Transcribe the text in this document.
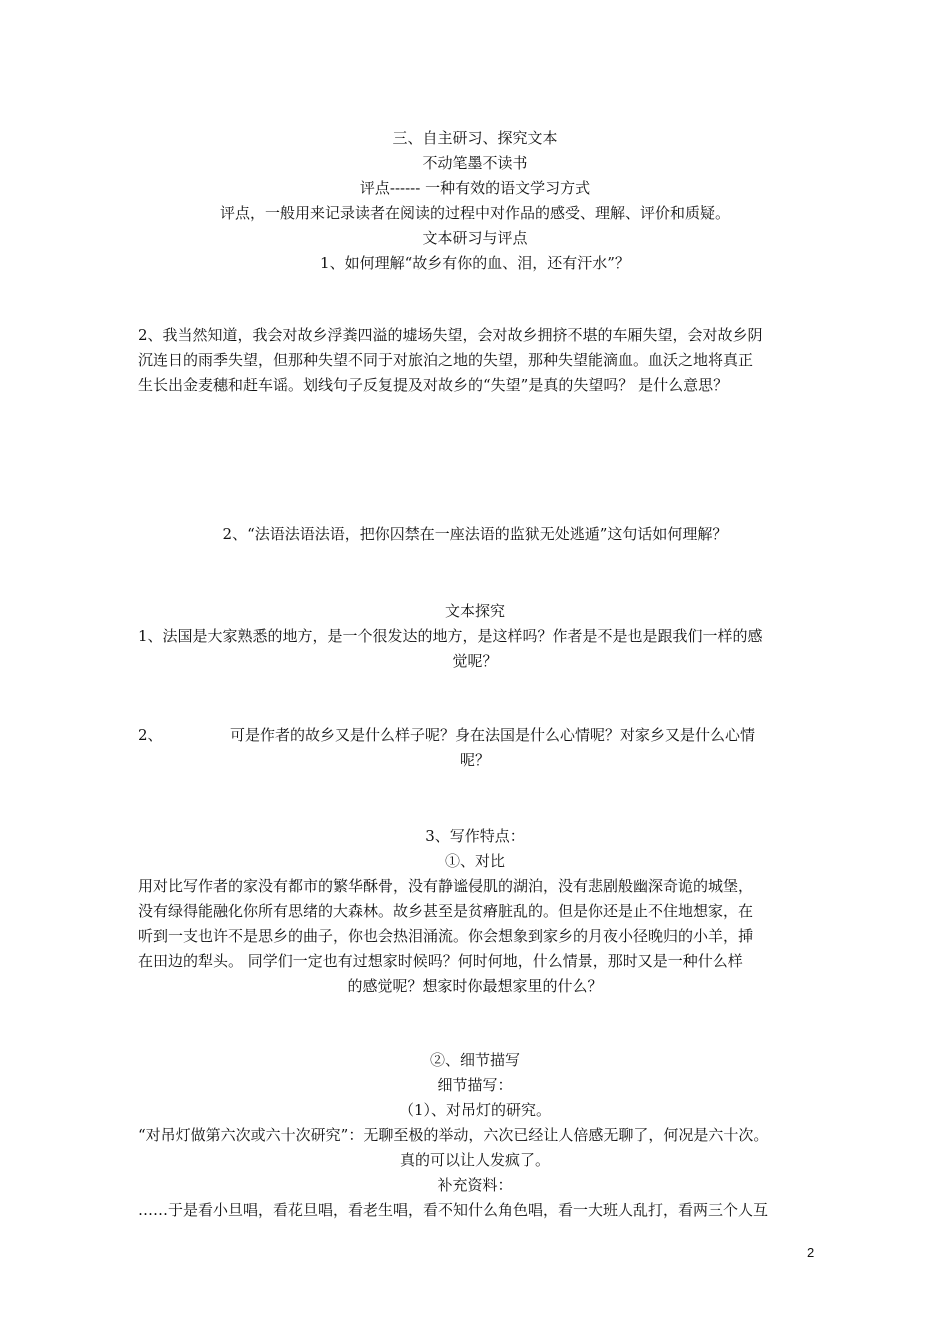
三、自主研习、探究文本
不动笔墨不读书
评点------ 一种有效的语文学习方式
评点，一般用来记录读者在阅读的过程中对作品的感受、理解、评价和质疑。
文本研习与评点
1、如何理解“故乡有你的血、泪，还有汗水”？
2、我当然知道，我会对故乡浮粪四溢的墟场失望，会对故乡拥挤不堪的车厢失望，会对故乡阴
沉连日的雨季失望，但那种失望不同于对旅泊之地的失望，那种失望能滴血。血沃之地将真正
生长出金麦穗和赶车谣。划线句子反复提及对故乡的“失望”是真的失望吗？ 是什么意思？
2、“法语法语法语，把你囚禁在一座法语的监狱无处逃遁”这句话如何理解？
文本探究
1、法国是大家熟悉的地方，是一个很发达的地方，是这样吗？作者是不是也是跟我们一样的感
觉呢？
2、	可是作者的故乡又是什么样子呢？身在法国是什么心情呢？对家乡又是什么心情
呢？
3、写作特点：
①、对比
用对比写作者的家没有都市的繁华酥骨，没有静谧侵肌的湖泊，没有悲剧般幽深奇诡的城堡，
没有绿得能融化你所有思绪的大森林。故乡甚至是贫瘠脏乱的。但是你还是止不住地想家，在
听到一支也许不是思乡的曲子，你也会热泪涌流。你会想象到家乡的月夜小径晚归的小羊，挿
在田边的犁头。 同学们一定也有过想家时候吗？何时何地，什么情景，那时又是一种什么样
的感觉呢？想家时你最想家里的什么？
②、细节描写
细节描写：
（1）、对吊灯的研究。
“对吊灯做第六次或六十次研究”：无聊至极的举动，六次已经让人倍感无聊了，何况是六十次。
真的可以让人发疯了。
补充资料：
……于是看小旦唱，看花旦唱，看老生唱，看不知什么角色唱，看一大班人乱打，看两三个人互
2
